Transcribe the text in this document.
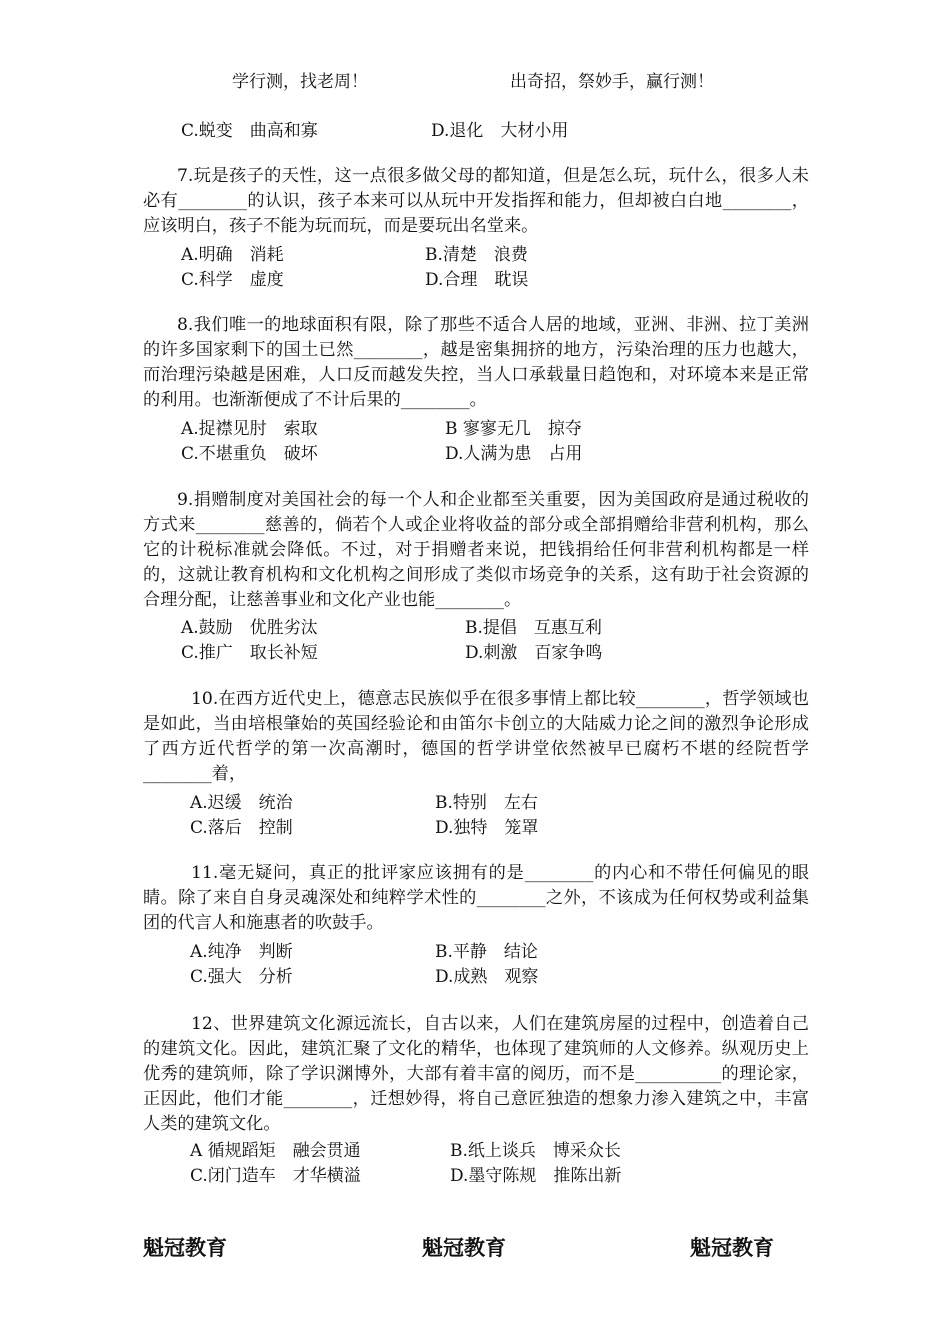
学行测，找老周！	出奇招，祭妙手，赢行测！
C.蜕变　曲高和寡	D.退化　大材小用

7.玩是孩子的天性，这一点很多做父母的都知道，但是怎么玩，玩什么，很多人未必有________的认识，孩子本来可以从玩中开发指挥和能力，但却被白白地________，应该明白，孩子不能为玩而玩，而是要玩出名堂来。

A.明确　消耗	B.清楚　浪费
C.科学　虚度	D.合理　耽误

8.我们唯一的地球面积有限，除了那些不适合人居的地域，亚洲、非洲、拉丁美洲的许多国家剩下的国土已然________，越是密集拥挤的地方，污染治理的压力也越大，而治理污染越是困难，人口反而越发失控，当人口承载量日趋饱和，对环境本来是正常的利用。也渐渐便成了不计后果的________。

A.捉襟见肘　索取	B 寥寥无几　掠夺
C.不堪重负　破坏	D.人满为患　占用

9.捐赠制度对美国社会的每一个人和企业都至关重要，因为美国政府是通过税收的方式来________慈善的，倘若个人或企业将收益的部分或全部捐赠给非营利机构，那么它的计税标准就会降低。不过，对于捐赠者来说，把钱捐给任何非营利机构都是一样的，这就让教育机构和文化机构之间形成了类似市场竞争的关系，这有助于社会资源的合理分配，让慈善事业和文化产业也能________。

A.鼓励　优胜劣汰	B.提倡　互惠互利
C.推广　取长补短	D.刺激　百家争鸣

10.在西方近代史上，德意志民族似乎在很多事情上都比较________，哲学领域也是如此，当由培根肇始的英国经验论和由笛尔卡创立的大陆威力论之间的激烈争论形成了西方近代哲学的第一次高潮时，德国的哲学讲堂依然被早已腐朽不堪的经院哲学________着，

A.迟缓　统治	B.特别　左右
C.落后　控制	D.独特　笼罩

11.毫无疑问，真正的批评家应该拥有的是________的内心和不带任何偏见的眼睛。除了来自自身灵魂深处和纯粹学术性的________之外，不该成为任何权势或利益集团的代言人和施惠者的吹鼓手。

A.纯净　判断	B.平静　结论
C.强大　分析	D.成熟　观察

12、世界建筑文化源远流长，自古以来，人们在建筑房屋的过程中，创造着自己的建筑文化。因此，建筑汇聚了文化的精华，也体现了建筑师的人文修养。纵观历史上优秀的建筑师，除了学识渊博外，大部有着丰富的阅历，而不是__________的理论家，正因此，他们才能________，迁想妙得，将自己意匠独造的想象力渗入建筑之中，丰富人类的建筑文化。

A 循规蹈矩　融会贯通	B.纸上谈兵　博采众长
C.闭门造车　才华横溢	D.墨守陈规　推陈出新
魁冠教育	魁冠教育	魁冠教育
